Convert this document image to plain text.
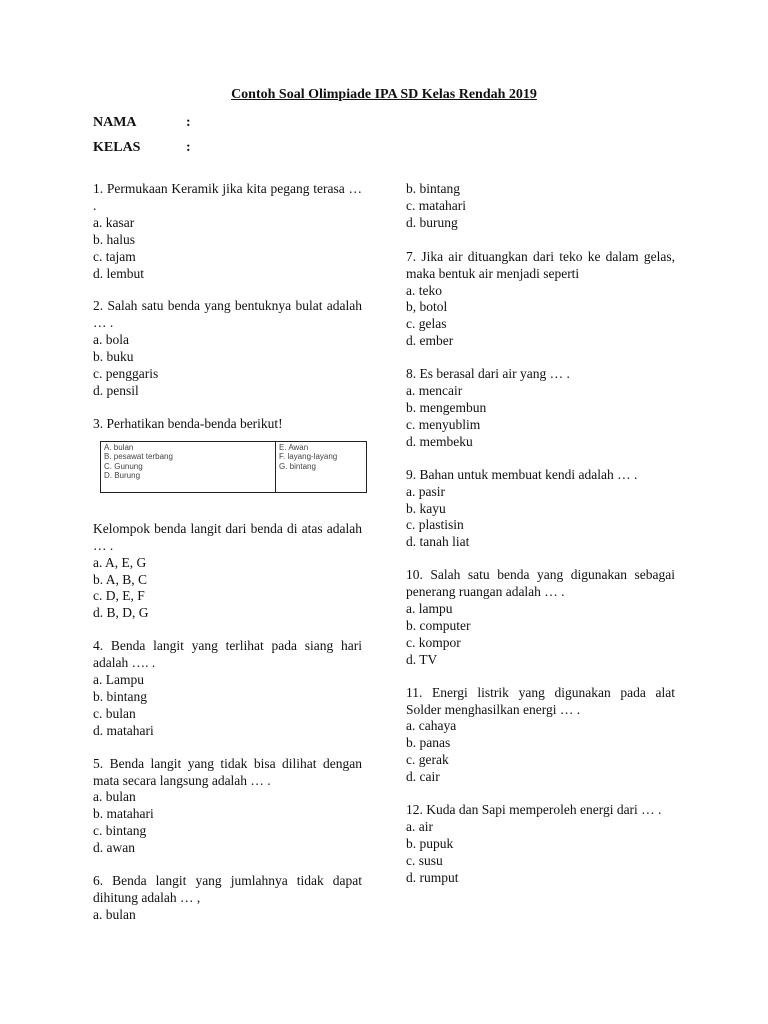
Contoh Soal Olimpiade IPA SD Kelas Rendah 2019
NAMA	:
KELAS	:
1. Permukaan Keramik jika kita pegang terasa … .
a. kasar
b. halus
c. tajam
d. lembut
2. Salah satu benda yang bentuknya bulat adalah … .
a. bola
b. buku
c. penggaris
d. pensil
3. Perhatikan benda-benda berikut!
A. bulan
B. pesawat terbang
C. Gunung
D. Burung

E. Awan
F. layang-layang
G. bintang
Kelompok benda langit dari benda di atas adalah … .
a. A, E, G
b. A, B, C
c. D, E, F
d. B, D, G
4. Benda langit yang terlihat pada siang hari adalah …. .
a. Lampu
b. bintang
c. bulan
d. matahari
5. Benda langit yang tidak bisa dilihat dengan mata secara langsung adalah … .
a. bulan
b. matahari
c. bintang
d. awan
6. Benda langit yang jumlahnya tidak dapat dihitung adalah … ,
a. bulan
b. bintang
c. matahari
d. burung
7. Jika air dituangkan dari teko ke dalam gelas, maka bentuk air menjadi seperti
a. teko
b, botol
c. gelas
d. ember
8. Es berasal dari air yang … .
a. mencair
b. mengembun
c. menyublim
d. membeku
9. Bahan untuk membuat kendi adalah … .
a. pasir
b. kayu
c. plastisin
d. tanah liat
10. Salah satu benda yang digunakan sebagai penerang ruangan adalah … .
a. lampu
b. computer
c. kompor
d. TV
11. Energi listrik yang digunakan pada alat Solder menghasilkan energi … .
a. cahaya
b. panas
c. gerak
d. cair
12. Kuda dan Sapi memperoleh energi dari … .
a. air
b. pupuk
c. susu
d. rumput
